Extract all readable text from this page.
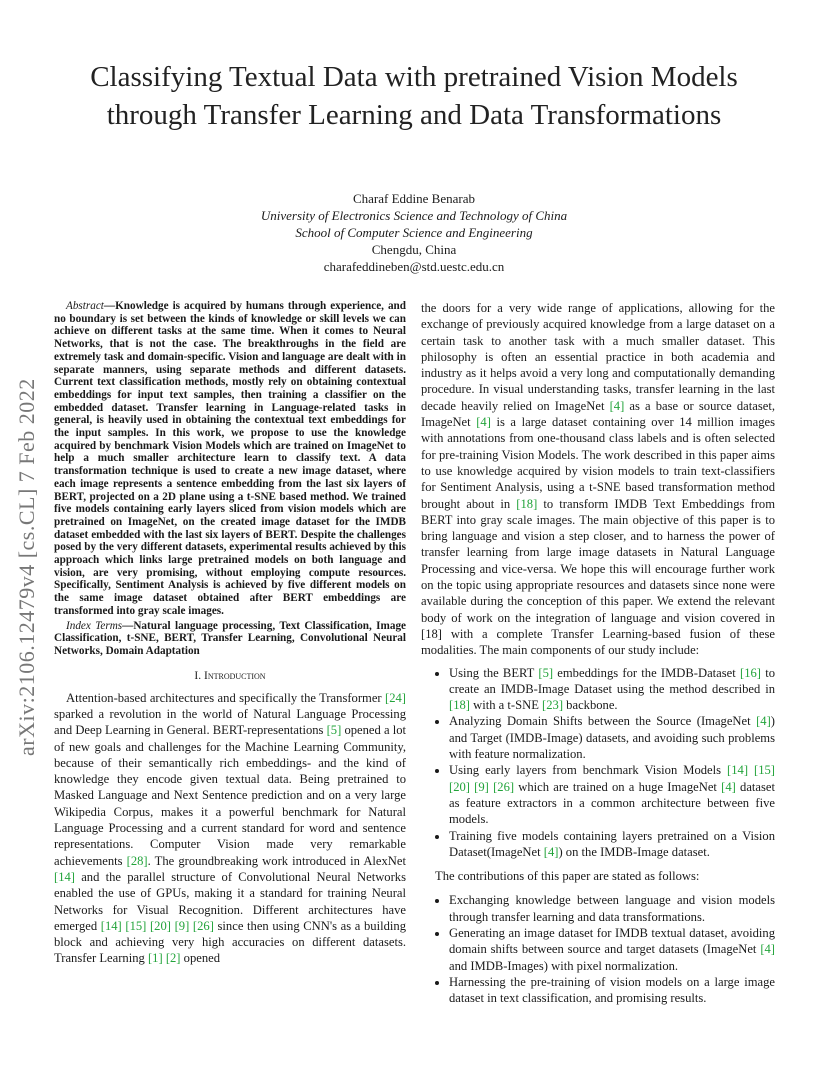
Classifying Textual Data with pretrained Vision Models through Transfer Learning and Data Transformations
Charaf Eddine Benarab
University of Electronics Science and Technology of China
School of Computer Science and Engineering
Chengdu, China
charafeddineben@std.uestc.edu.cn
arXiv:2106.12479v4 [cs.CL] 7 Feb 2022

Abstract—Knowledge is acquired by humans through experience, and no boundary is set between the kinds of knowledge or skill levels we can achieve on different tasks at the same time. When it comes to Neural Networks, that is not the case. The breakthroughs in the field are extremely task and domain-specific. Vision and language are dealt with in separate manners, using separate methods and different datasets. Current text classification methods, mostly rely on obtaining contextual embeddings for input text samples, then training a classifier on the embedded dataset. Transfer learning in Language-related tasks in general, is heavily used in obtaining the contextual text embeddings for the input samples. In this work, we propose to use the knowledge acquired by benchmark Vision Models which are trained on ImageNet to help a much smaller architecture learn to classify text. A data transformation technique is used to create a new image dataset, where each image represents a sentence embedding from the last six layers of BERT, projected on a 2D plane using a t-SNE based method. We trained five models containing early layers sliced from vision models which are pretrained on ImageNet, on the created image dataset for the IMDB dataset embedded with the last six layers of BERT. Despite the challenges posed by the very different datasets, experimental results achieved by this approach which links large pretrained models on both language and vision, are very promising, without employing compute resources. Specifically, Sentiment Analysis is achieved by five different models on the same image dataset obtained after BERT embeddings are transformed into gray scale images.

Index Terms—Natural language processing, Text Classification, Image Classification, t-SNE, BERT, Transfer Learning, Convolutional Neural Networks, Domain Adaptation

I. Introduction

Attention-based architectures and specifically the Transformer [24] sparked a revolution in the world of Natural Language Processing and Deep Learning in General. BERT-representations [5] opened a lot of new goals and challenges for the Machine Learning Community, because of their semantically rich embeddings- and the kind of knowledge they encode given textual data. Being pretrained to Masked Language and Next Sentence prediction and on a very large Wikipedia Corpus, makes it a powerful benchmark for Natural Language Processing and a current standard for word and sentence representations. Computer Vision made very remarkable achievements [28]. The groundbreaking work introduced in AlexNet [14] and the parallel structure of Convolutional Neural Networks enabled the use of GPUs, making it a standard for training Neural Networks for Visual Recognition. Different architectures have emerged [14] [15] [20] [9] [26] since then using CNN's as a building block and achieving very high accuracies on different datasets. Transfer Learning [1] [2] opened

the doors for a very wide range of applications, allowing for the exchange of previously acquired knowledge from a large dataset on a certain task to another task with a much smaller dataset. This philosophy is often an essential practice in both academia and industry as it helps avoid a very long and computationally demanding procedure. In visual understanding tasks, transfer learning in the last decade heavily relied on ImageNet [4] as a base or source dataset, ImageNet [4] is a large dataset containing over 14 million images with annotations from one-thousand class labels and is often selected for pre-training Vision Models. The work described in this paper aims to use knowledge acquired by vision models to train text-classifiers for Sentiment Analysis, using a t-SNE based transformation method brought about in [18] to transform IMDB Text Embeddings from BERT into gray scale images. The main objective of this paper is to bring language and vision a step closer, and to harness the power of transfer learning from large image datasets in Natural Language Processing and vice-versa. We hope this will encourage further work on the topic using appropriate resources and datasets since none were available during the conception of this paper. We extend the relevant body of work on the integration of language and vision covered in [18] with a complete Transfer Learning-based fusion of these modalities. The main components of our study include:

• Using the BERT [5] embeddings for the IMDB-Dataset [16] to create an IMDB-Image Dataset using the method described in [18] with a t-SNE [23] backbone.
• Analyzing Domain Shifts between the Source (ImageNet [4]) and Target (IMDB-Image) datasets, and avoiding such problems with feature normalization.
• Using early layers from benchmark Vision Models [14] [15] [20] [9] [26] which are trained on a huge ImageNet [4] dataset as feature extractors in a common architecture between five models.
• Training five models containing layers pretrained on a Vision Dataset(ImageNet [4]) on the IMDB-Image dataset.
The contributions of this paper are stated as follows:
• Exchanging knowledge between language and vision models through transfer learning and data transformations.
• Generating an image dataset for IMDB textual dataset, avoiding domain shifts between source and target datasets (ImageNet [4] and IMDB-Images) with pixel normalization.
• Harnessing the pre-training of vision models on a large image dataset in text classification, and promising results.
